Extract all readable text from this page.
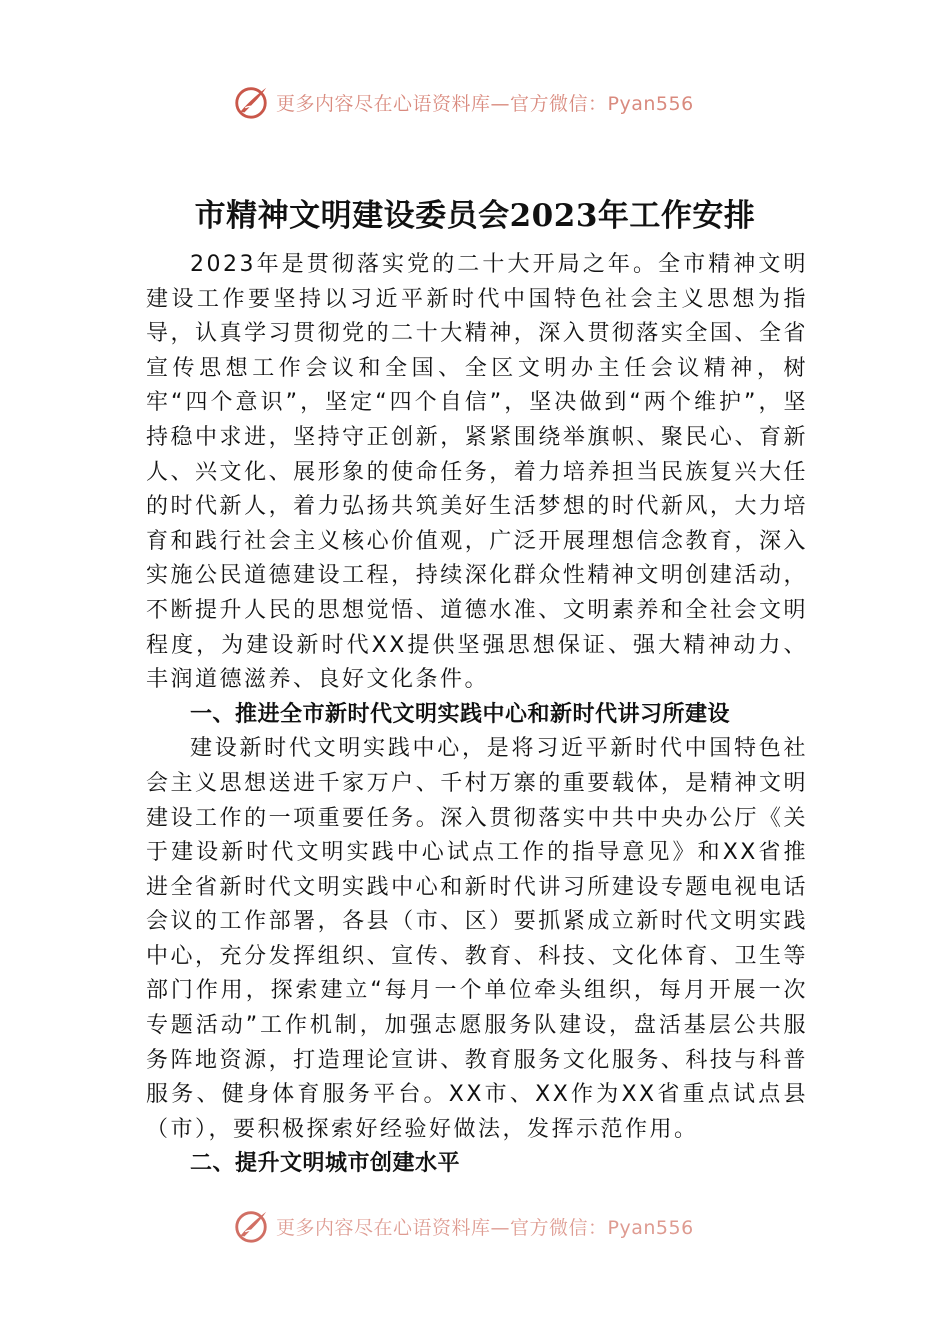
更多内容尽在心语资料库—官方微信：Pyan556
市精神文明建设委员会2023年工作安排

2023年是贯彻落实党的二十大开局之年。全市精神文明建设工作要坚持以习近平新时代中国特色社会主义思想为指导，认真学习贯彻党的二十大精神，深入贯彻落实全国、全省宣传思想工作会议和全国、全区文明办主任会议精神，树牢“四个意识”，坚定“四个自信”，坚决做到“两个维护”，坚持稳中求进，坚持守正创新，紧紧围绕举旗帜、聚民心、育新人、兴文化、展形象的使命任务，着力培养担当民族复兴大任的时代新人，着力弘扬共筑美好生活梦想的时代新风，大力培育和践行社会主义核心价值观，广泛开展理想信念教育，深入实施公民道德建设工程，持续深化群众性精神文明创建活动，不断提升人民的思想觉悟、道德水准、文明素养和全社会文明程度，为建设新时代XX提供坚强思想保证、强大精神动力、丰润道德滋养、良好文化条件。

一、推进全市新时代文明实践中心和新时代讲习所建设

建设新时代文明实践中心，是将习近平新时代中国特色社会主义思想送进千家万户、千村万寨的重要载体，是精神文明建设工作的一项重要任务。深入贯彻落实中共中央办公厅《关于建设新时代文明实践中心试点工作的指导意见》和XX省推进全省新时代文明实践中心和新时代讲习所建设专题电视电话会议的工作部署，各县（市、区）要抓紧成立新时代文明实践中心，充分发挥组织、宣传、教育、科技、文化体育、卫生等部门作用，探索建立“每月一个单位牵头组织，每月开展一次专题活动”工作机制，加强志愿服务队建设，盘活基层公共服务阵地资源，打造理论宣讲、教育服务文化服务、科技与科普服务、健身体育服务平台。XX市、XX作为XX省重点试点县（市），要积极探索好经验好做法，发挥示范作用。

二、提升文明城市创建水平

更多内容尽在心语资料库—官方微信：Pyan556
